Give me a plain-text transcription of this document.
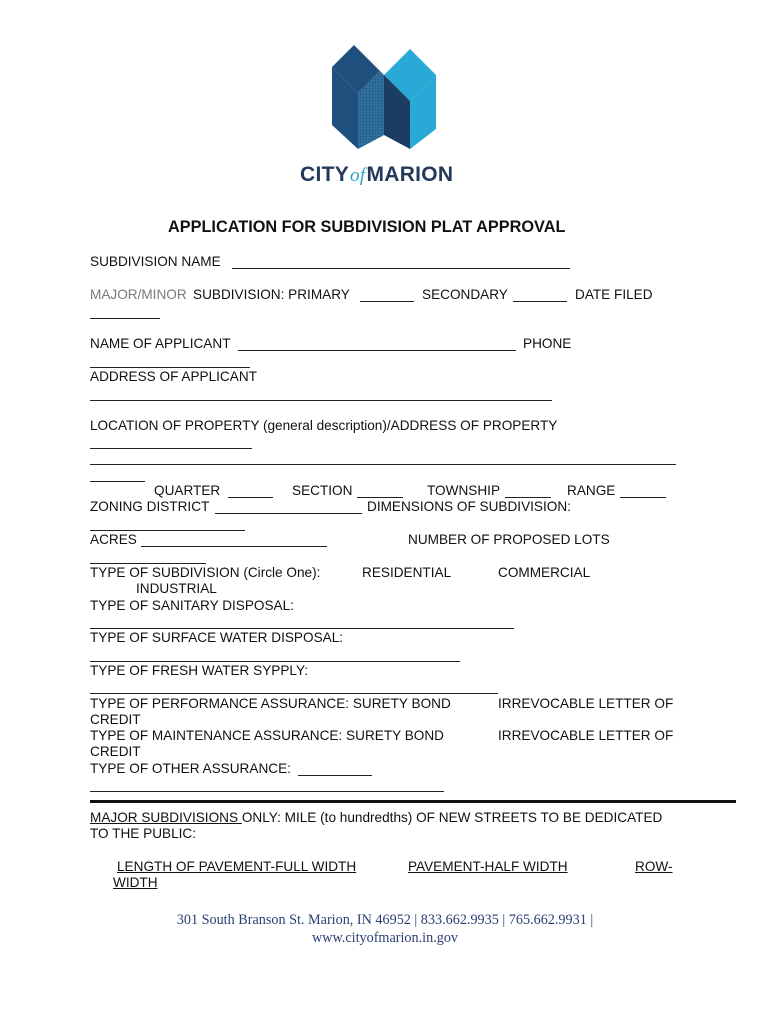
CITYofMARION
APPLICATION FOR SUBDIVISION PLAT APPROVAL
SUBDIVISION NAME
MAJOR/MINOR SUBDIVISION: PRIMARY	SECONDARY	DATE FILED
NAME OF APPLICANT	PHONE
ADDRESS OF APPLICANT
LOCATION OF PROPERTY (general description)/ADDRESS OF PROPERTY
QUARTER	SECTION	TOWNSHIP	RANGE
ZONING DISTRICT	DIMENSIONS OF SUBDIVISION:
ACRES	NUMBER OF PROPOSED LOTS
TYPE OF SUBDIVISION (Circle One):	RESIDENTIAL	COMMERCIAL
INDUSTRIAL
TYPE OF SANITARY DISPOSAL:
TYPE OF SURFACE WATER DISPOSAL:
TYPE OF FRESH WATER SYPPLY:
TYPE OF PERFORMANCE ASSURANCE: SURETY BOND	IRREVOCABLE LETTER OF
CREDIT
TYPE OF MAINTENANCE ASSURANCE: SURETY BOND	IRREVOCABLE LETTER OF
CREDIT
TYPE OF OTHER ASSURANCE:
MAJOR SUBDIVISIONS ONLY: MILE (to hundredths) OF NEW STREETS TO BE DEDICATED
TO THE PUBLIC:
LENGTH OF PAVEMENT-FULL WIDTH	PAVEMENT-HALF WIDTH	ROW-
WIDTH
301 South Branson St. Marion, IN 46952 | 833.662.9935 | 765.662.9931 |
www.cityofmarion.in.gov
